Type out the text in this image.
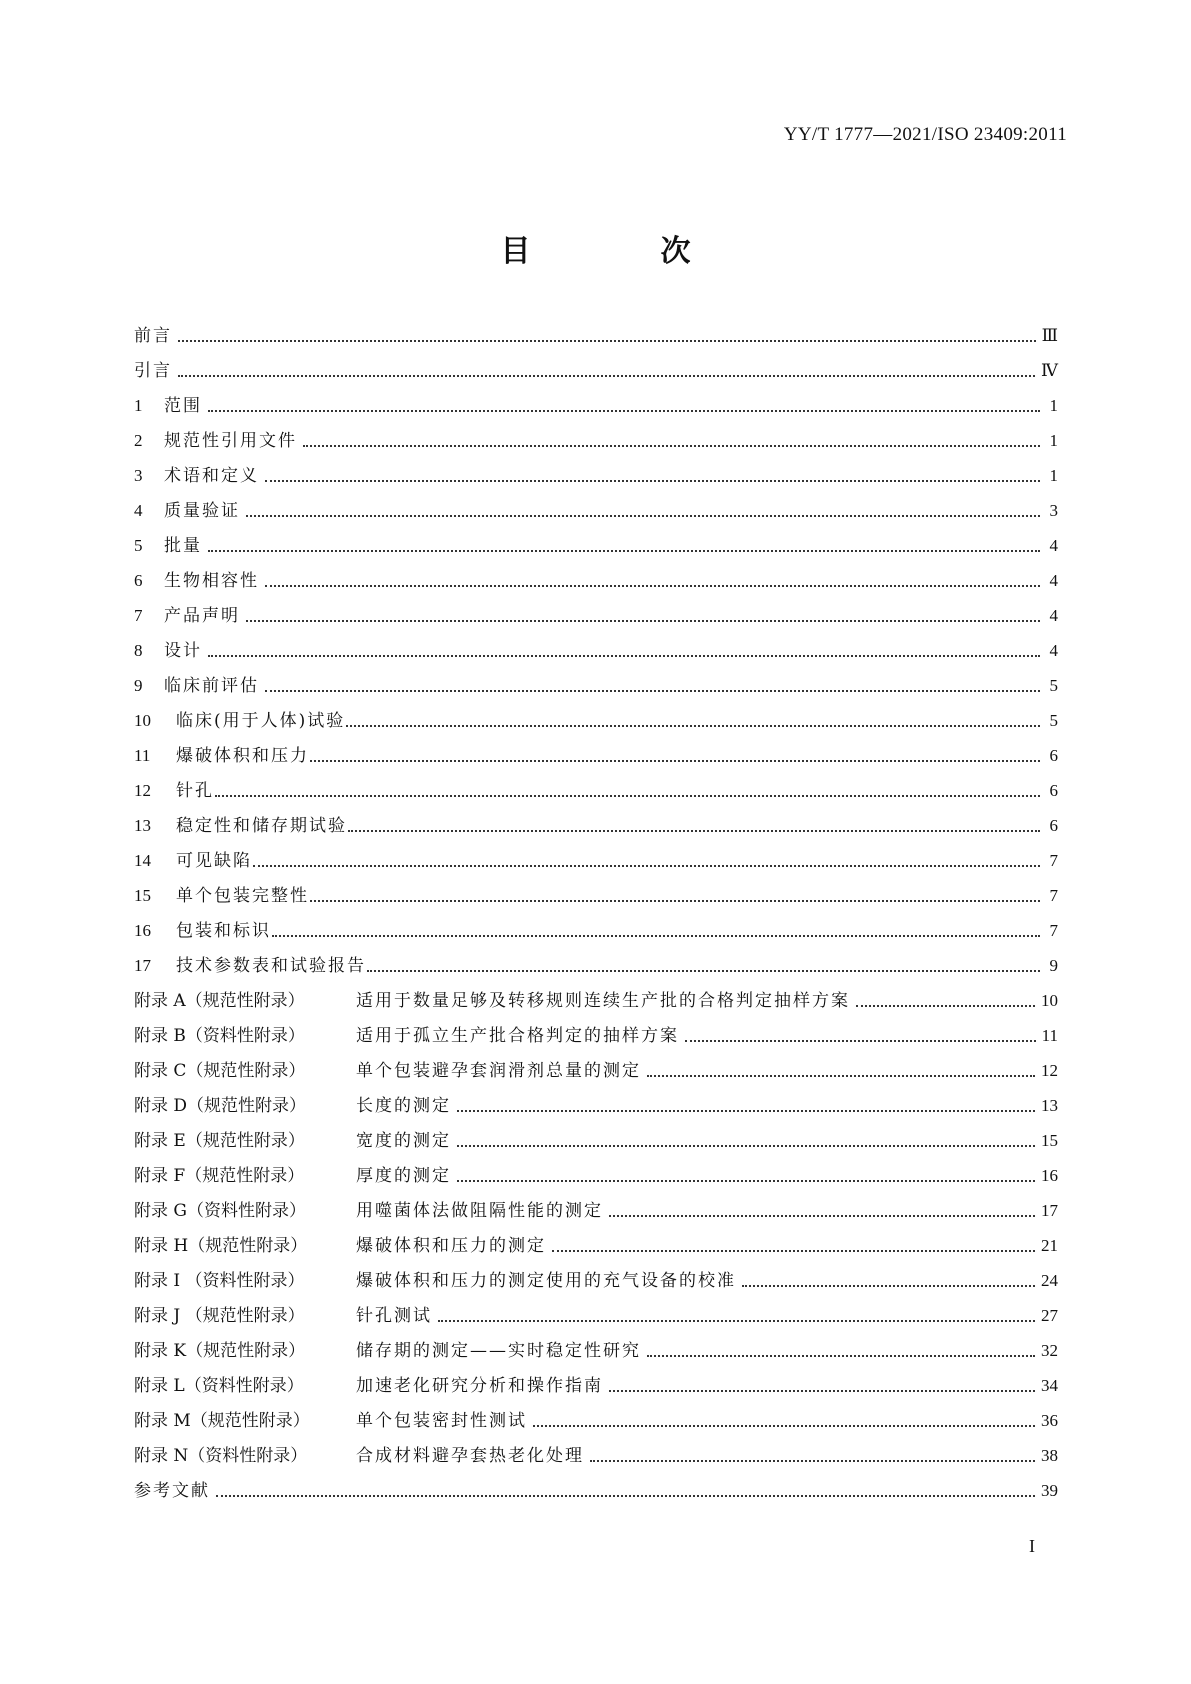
YY/T 1777—2021/ISO 23409:2011
目　次
前言	Ⅲ
引言	Ⅳ
1	范围	1
2	规范性引用文件	1
3	术语和定义	1
4	质量验证	3
5	批量	4
6	生物相容性	4
7	产品声明	4
8	设计	4
9	临床前评估	5
10	临床(用于人体)试验	5
11	爆破体积和压力	6
12	针孔	6
13	稳定性和储存期试验	6
14	可见缺陷	7
15	单个包装完整性	7
16	包装和标识	7
17	技术参数表和试验报告	9
附录 A（规范性附录）	适用于数量足够及转移规则连续生产批的合格判定抽样方案	10
附录 B（资料性附录）	适用于孤立生产批合格判定的抽样方案	11
附录 C（规范性附录）	单个包装避孕套润滑剂总量的测定	12
附录 D（规范性附录）	长度的测定	13
附录 E（规范性附录）	宽度的测定	15
附录 F（规范性附录）	厚度的测定	16
附录 G（资料性附录）	用噬菌体法做阻隔性能的测定	17
附录 H（规范性附录）	爆破体积和压力的测定	21
附录 I （资料性附录）	爆破体积和压力的测定使用的充气设备的校准	24
附录 J （规范性附录）	针孔测试	27
附录 K（规范性附录）	储存期的测定——实时稳定性研究	32
附录 L（资料性附录）	加速老化研究分析和操作指南	34
附录 M（规范性附录）	单个包装密封性测试	36
附录 N（资料性附录）	合成材料避孕套热老化处理	38
参考文献	39
I
